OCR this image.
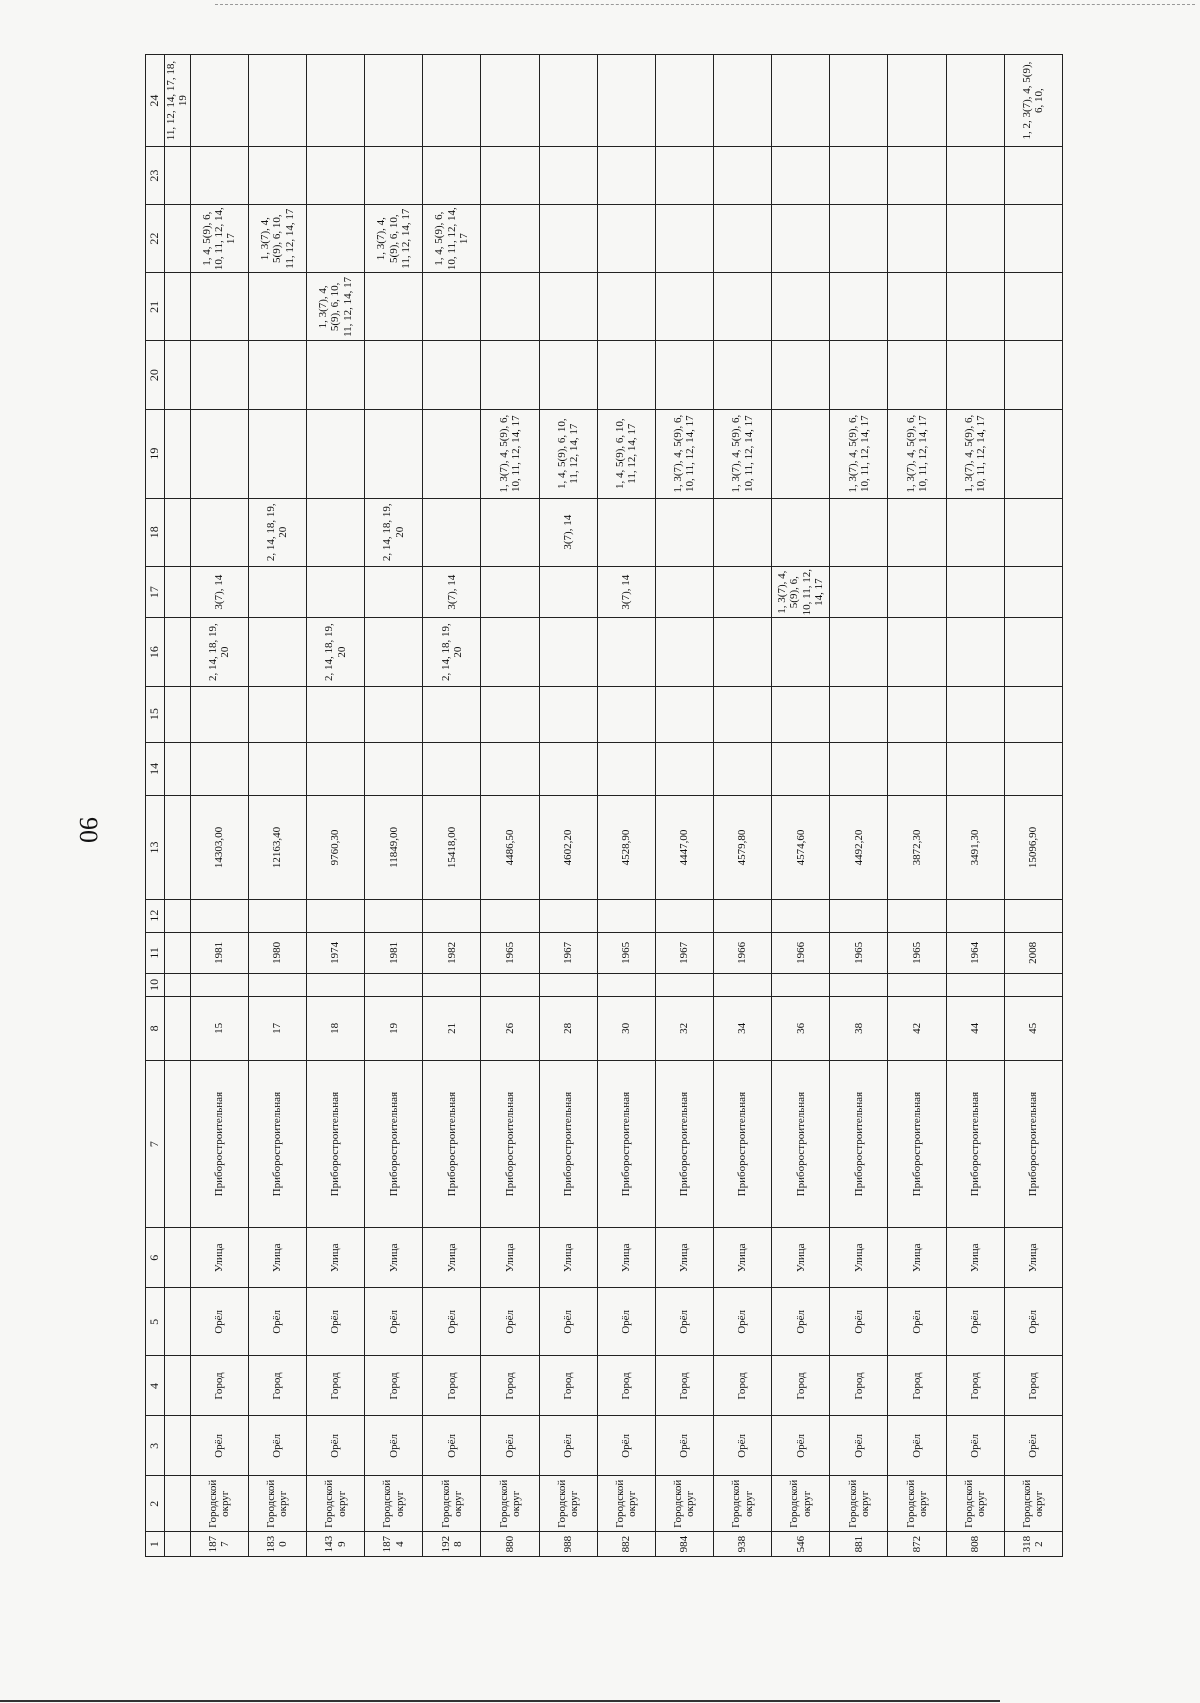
90
1	2	3	4	5	6	7	8	10	11	12	13	14	15	16	17	18	19	20	21	22	23	24
																						11, 12, 14, 17, 18, 19
1877	Городской округ	Орёл	Город	Орёл	Улица	Приборостроительная	15		1981		14303,00			2, 14, 18, 19, 20	3(7), 14					1, 4, 5(9), 6, 10, 11, 12, 14, 17		
1830	Городской округ	Орёл	Город	Орёл	Улица	Приборостроительная	17		1980		12163,40					2, 14, 18, 19, 20				1, 3(7), 4, 5(9), 6, 10, 11, 12, 14, 17		
1439	Городской округ	Орёл	Город	Орёл	Улица	Приборостроительная	18		1974		9760,30			2, 14, 18, 19, 20					1, 3(7), 4, 5(9), 6, 10, 11, 12, 14, 17			
1874	Городской округ	Орёл	Город	Орёл	Улица	Приборостроительная	19		1981		11849,00					2, 14, 18, 19, 20				1, 3(7), 4, 5(9), 6, 10, 11, 12, 14, 17		
1928	Городской округ	Орёл	Город	Орёл	Улица	Приборостроительная	21		1982		15418,00			2, 14, 18, 19, 20	3(7), 14					1, 4, 5(9), 6, 10, 11, 12, 14, 17		
880	Городской округ	Орёл	Город	Орёл	Улица	Приборостроительная	26		1965		4486,50						1, 3(7), 4, 5(9), 6, 10, 11, 12, 14, 17					
988	Городской округ	Орёл	Город	Орёл	Улица	Приборостроительная	28		1967		4602,20					3(7), 14	1, 4, 5(9), 6, 10, 11, 12, 14, 17					
882	Городской округ	Орёл	Город	Орёл	Улица	Приборостроительная	30		1965		4528,90				3(7), 14		1, 4, 5(9), 6, 10, 11, 12, 14, 17					
984	Городской округ	Орёл	Город	Орёл	Улица	Приборостроительная	32		1967		4447,00						1, 3(7), 4, 5(9), 6, 10, 11, 12, 14, 17					
938	Городской округ	Орёл	Город	Орёл	Улица	Приборостроительная	34		1966		4579,80						1, 3(7), 4, 5(9), 6, 10, 11, 12, 14, 17					
546	Городской округ	Орёл	Город	Орёл	Улица	Приборостроительная	36		1966		4574,60				1, 3(7), 4, 5(9), 6, 10, 11, 12, 14, 17							
881	Городской округ	Орёл	Город	Орёл	Улица	Приборостроительная	38		1965		4492,20						1, 3(7), 4, 5(9), 6, 10, 11, 12, 14, 17					
872	Городской округ	Орёл	Город	Орёл	Улица	Приборостроительная	42		1965		3872,30						1, 3(7), 4, 5(9), 6, 10, 11, 12, 14, 17					
808	Городской округ	Орёл	Город	Орёл	Улица	Приборостроительная	44		1964		3491,30						1, 3(7), 4, 5(9), 6, 10, 11, 12, 14, 17					
3182	Городской округ	Орёл	Город	Орёл	Улица	Приборостроительная	45		2008		15096,90											1, 2, 3(7), 4, 5(9), 6, 10,
